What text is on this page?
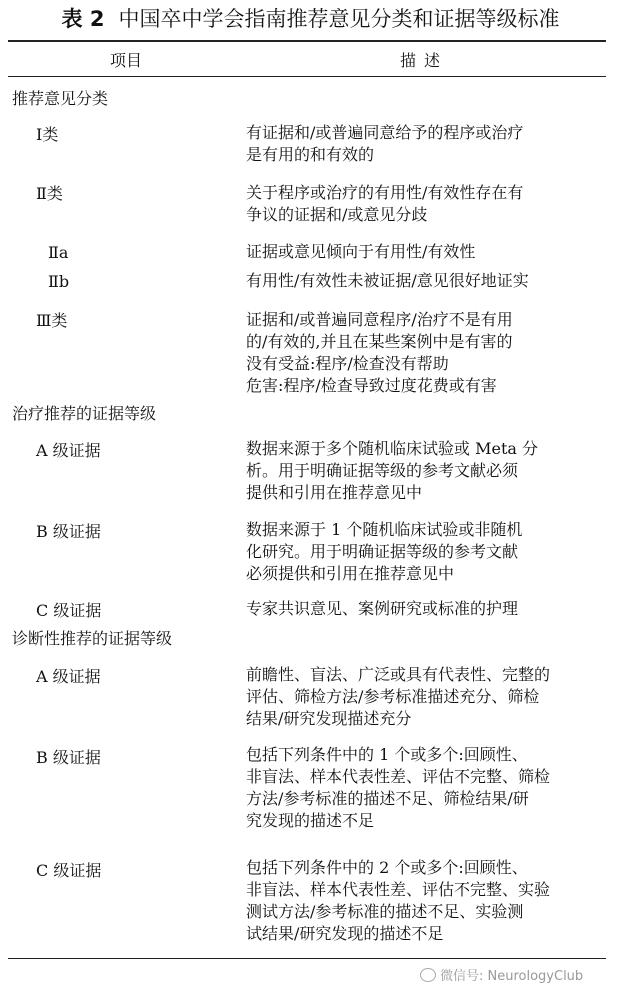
表 2 中国卒中学会指南推荐意见分类和证据等级标准
项目	描述
推荐意见分类
Ⅰ类	有证据和/或普遍同意给予的程序或治疗
是有用的和有效的
Ⅱ类	关于程序或治疗的有用性/有效性存在有
争议的证据和/或意见分歧
Ⅱa	证据或意见倾向于有用性/有效性
Ⅱb	有用性/有效性未被证据/意见很好地证实
Ⅲ类	证据和/或普遍同意程序/治疗不是有用
的/有效的,并且在某些案例中是有害的
没有受益:程序/检查没有帮助
危害:程序/检查导致过度花费或有害
治疗推荐的证据等级
A 级证据	数据来源于多个随机临床试验或 Meta 分
析。用于明确证据等级的参考文献必须
提供和引用在推荐意见中
B 级证据	数据来源于 1 个随机临床试验或非随机
化研究。用于明确证据等级的参考文献
必须提供和引用在推荐意见中
C 级证据	专家共识意见、案例研究或标准的护理
诊断性推荐的证据等级
A 级证据	前瞻性、盲法、广泛或具有代表性、完整的
评估、筛检方法/参考标准描述充分、筛检
结果/研究发现描述充分
B 级证据	包括下列条件中的 1 个或多个:回顾性、
非盲法、样本代表性差、评估不完整、筛检
方法/参考标准的描述不足、筛检结果/研
究发现的描述不足
C 级证据	包括下列条件中的 2 个或多个:回顾性、
非盲法、样本代表性差、评估不完整、实验
测试方法/参考标准的描述不足、实验测
试结果/研究发现的描述不足
微信号: NeurologyClub
